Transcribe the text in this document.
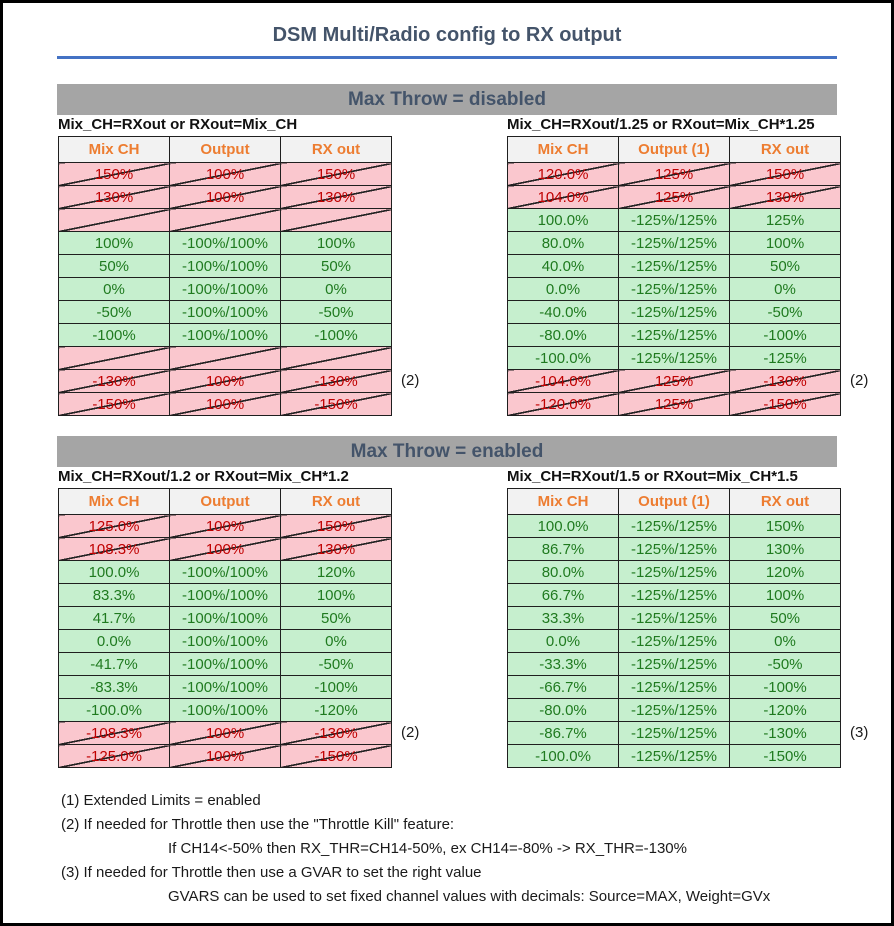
DSM Multi/Radio config to RX output
Max Throw = disabled
Mix_CH=RXout or RXout=Mix_CH	Mix_CH=RXout/1.25 or RXout=Mix_CH*1.25
Mix CH	Output	RX out
150%	100%	150%
130%	100%	130%

100%	-100%/100%	100%
50%	-100%/100%	50%
0%	-100%/100%	0%
-50%	-100%/100%	-50%
-100%	-100%/100%	-100%

-130%	100%	-130%
-150%	100%	-150%
(2)
Mix CH	Output (1)	RX out
120.0%	125%	150%
104.0%	125%	130%
100.0%	-125%/125%	125%
80.0%	-125%/125%	100%
40.0%	-125%/125%	50%
0.0%	-125%/125%	0%
-40.0%	-125%/125%	-50%
-80.0%	-125%/125%	-100%
-100.0%	-125%/125%	-125%
-104.0%	125%	-130%
-120.0%	125%	-150%
(2)
Max Throw = enabled
Mix_CH=RXout/1.2 or RXout=Mix_CH*1.2	Mix_CH=RXout/1.5 or RXout=Mix_CH*1.5
Mix CH	Output	RX out
125.0%	100%	150%
108.3%	100%	130%
100.0%	-100%/100%	120%
83.3%	-100%/100%	100%
41.7%	-100%/100%	50%
0.0%	-100%/100%	0%
-41.7%	-100%/100%	-50%
-83.3%	-100%/100%	-100%
-100.0%	-100%/100%	-120%
-108.3%	100%	-130%
-125.0%	100%	-150%
(2)
Mix CH	Output (1)	RX out
100.0%	-125%/125%	150%
86.7%	-125%/125%	130%
80.0%	-125%/125%	120%
66.7%	-125%/125%	100%
33.3%	-125%/125%	50%
0.0%	-125%/125%	0%
-33.3%	-125%/125%	-50%
-66.7%	-125%/125%	-100%
-80.0%	-125%/125%	-120%
-86.7%	-125%/125%	-130%
-100.0%	-125%/125%	-150%
(3)
(1) Extended Limits = enabled
(2) If needed for Throttle then use the "Throttle Kill" feature:
If CH14<-50% then RX_THR=CH14-50%, ex CH14=-80% -> RX_THR=-130%
(3) If needed for Throttle then use a GVAR to set the right value
GVARS can be used to set fixed channel values with decimals: Source=MAX, Weight=GVx
